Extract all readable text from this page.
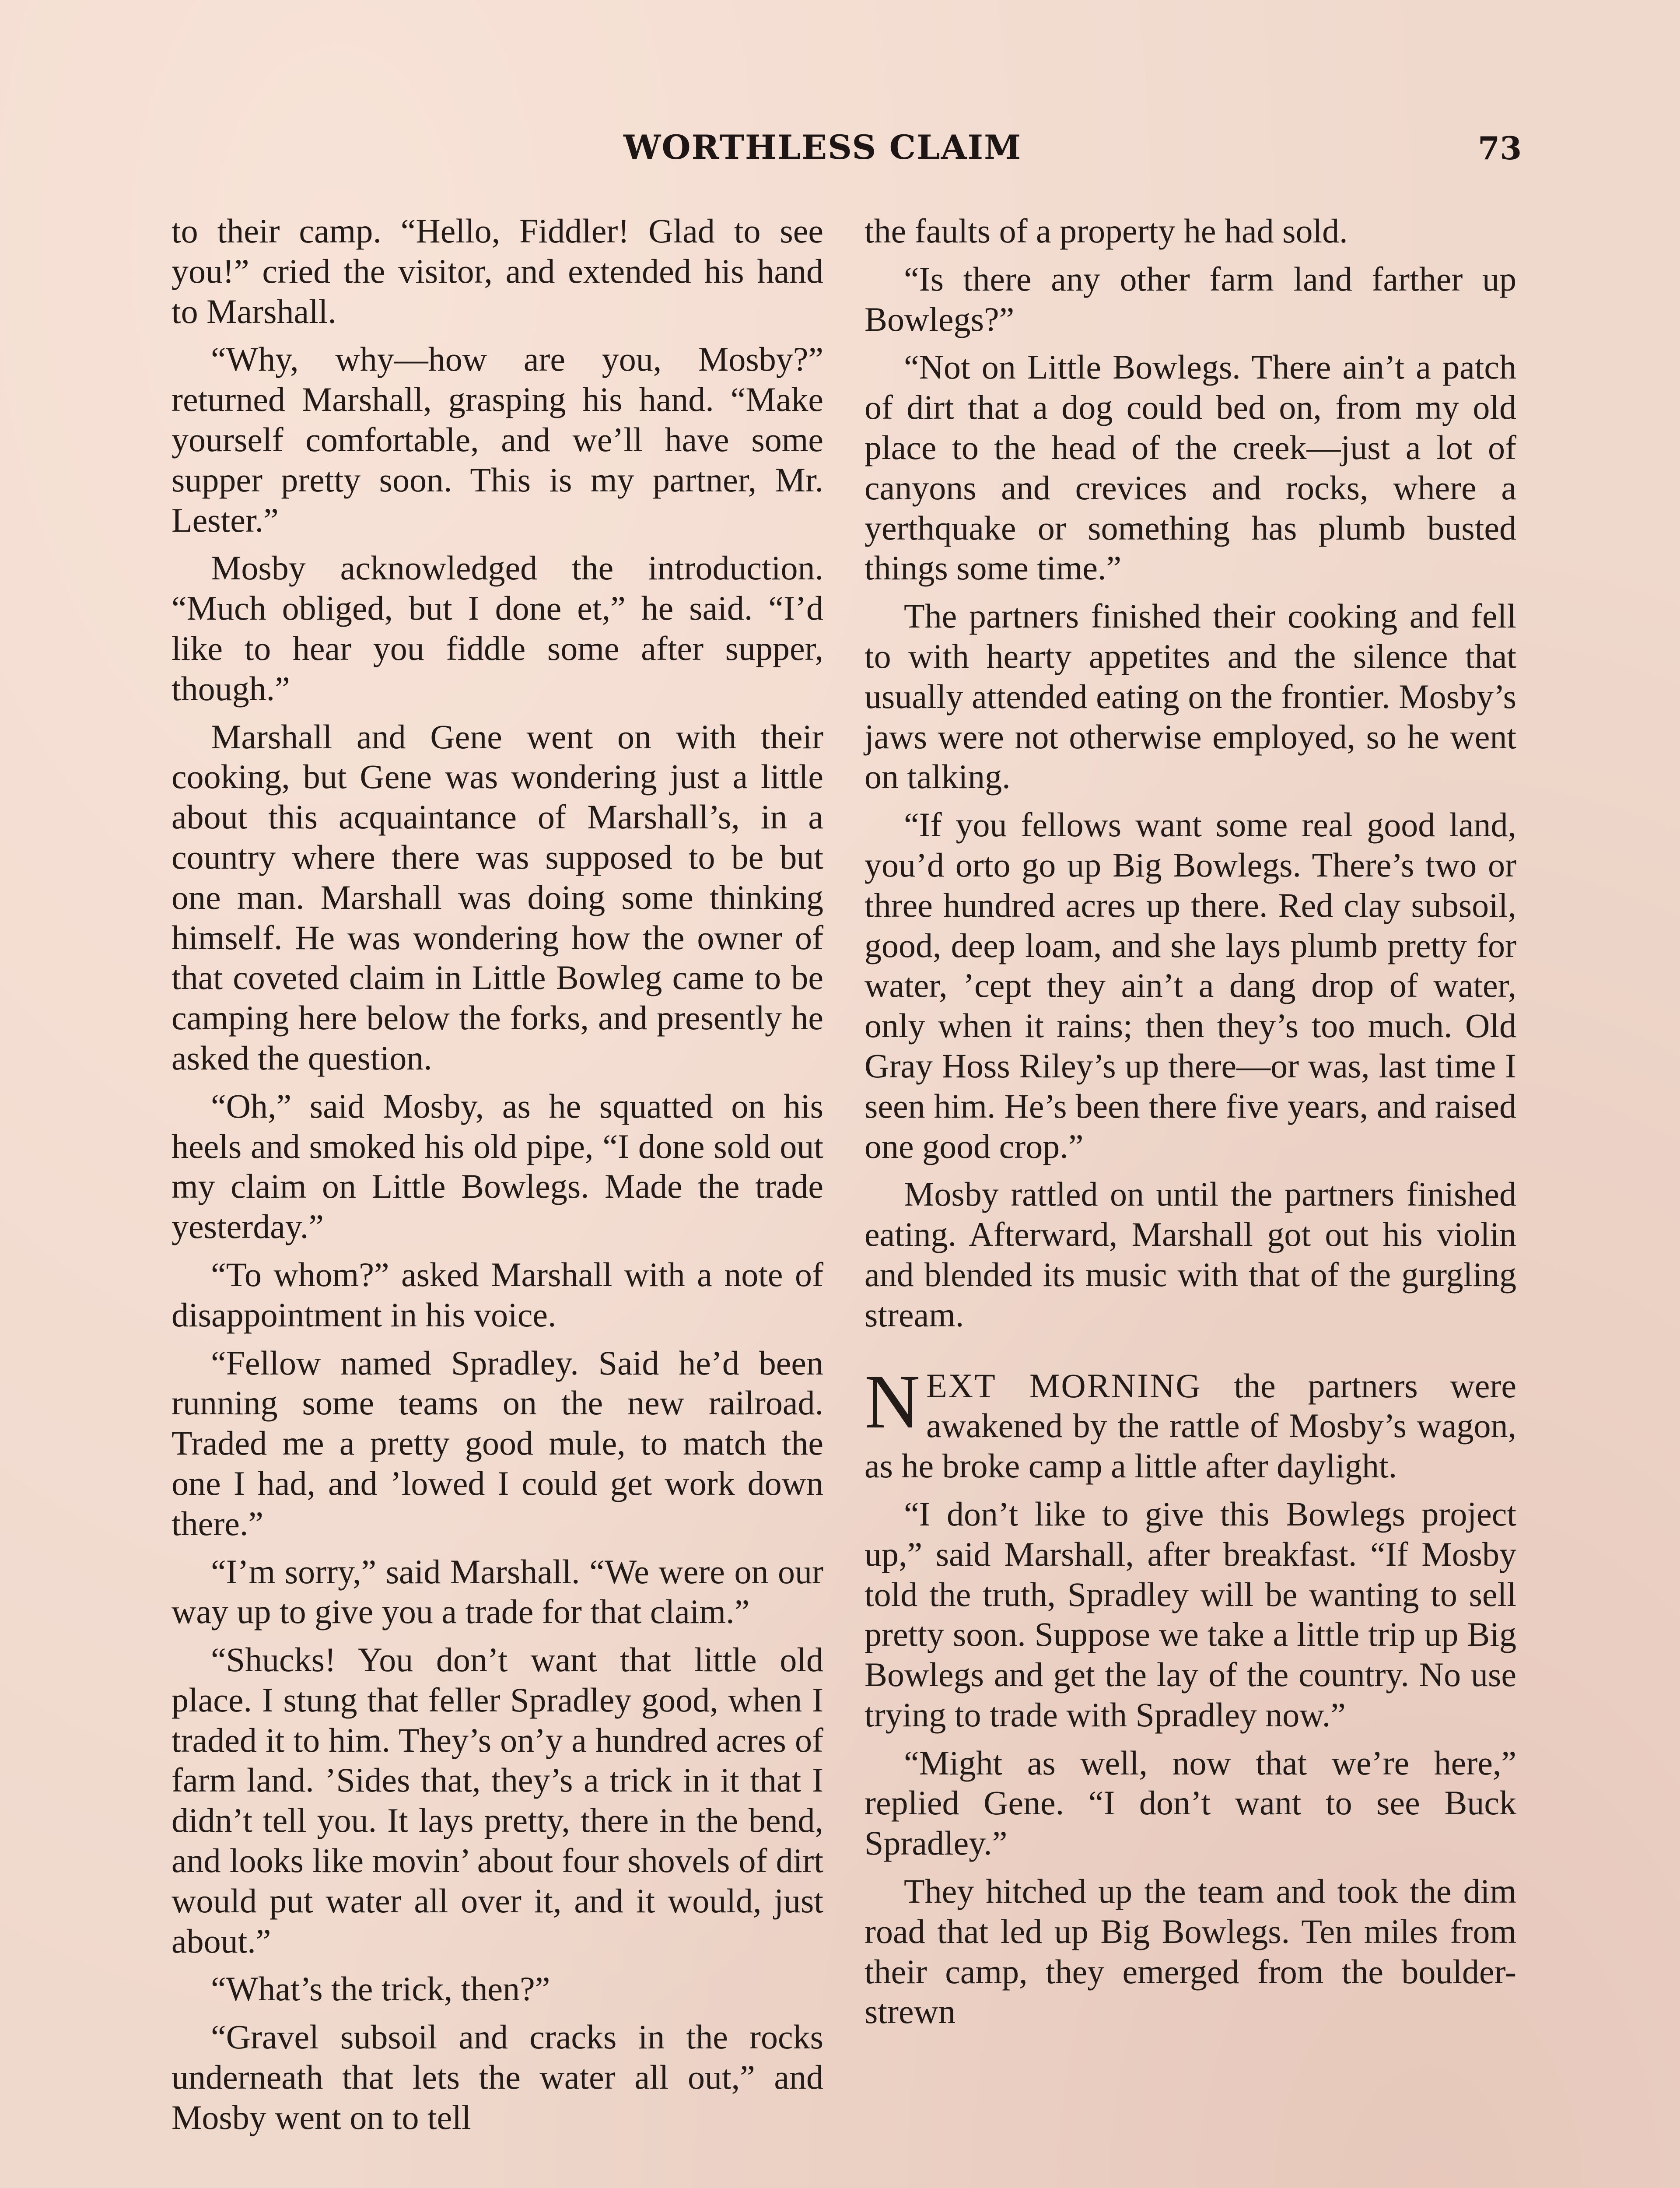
WORTHLESS CLAIM	73

to their camp. “Hello, Fiddler! Glad to see you!” cried the visitor, and extended his hand to Marshall.

“Why, why—how are you, Mosby?” returned Marshall, grasping his hand. “Make yourself comfortable, and we’ll have some supper pretty soon. This is my partner, Mr. Lester.”

Mosby acknowledged the introduction. “Much obliged, but I done et,” he said. “I’d like to hear you fiddle some after supper, though.”

Marshall and Gene went on with their cooking, but Gene was wondering just a little about this acquaintance of Marshall’s, in a country where there was supposed to be but one man. Marshall was doing some thinking himself. He was wondering how the owner of that coveted claim in Little Bowleg came to be camping here below the forks, and presently he asked the question.

“Oh,” said Mosby, as he squatted on his heels and smoked his old pipe, “I done sold out my claim on Little Bowlegs. Made the trade yesterday.”

“To whom?” asked Marshall with a note of disappointment in his voice.

“Fellow named Spradley. Said he’d been running some teams on the new railroad. Traded me a pretty good mule, to match the one I had, and ’lowed I could get work down there.”

“I’m sorry,” said Marshall. “We were on our way up to give you a trade for that claim.”

“Shucks! You don’t want that little old place. I stung that feller Spradley good, when I traded it to him. They’s on’y a hundred acres of farm land. ’Sides that, they’s a trick in it that I didn’t tell you. It lays pretty, there in the bend, and looks like movin’ about four shovels of dirt would put water all over it, and it would, just about.”

“What’s the trick, then?”

“Gravel subsoil and cracks in the rocks underneath that lets the water all out,” and Mosby went on to tell

the faults of a property he had sold.

“Is there any other farm land farther up Bowlegs?”

“Not on Little Bowlegs. There ain’t a patch of dirt that a dog could bed on, from my old place to the head of the creek—just a lot of canyons and crevices and rocks, where a yerthquake or something has plumb busted things some time.”

The partners finished their cooking and fell to with hearty appetites and the silence that usually attended eating on the frontier. Mosby’s jaws were not otherwise employed, so he went on talking.

“If you fellows want some real good land, you’d orto go up Big Bowlegs. There’s two or three hundred acres up there. Red clay subsoil, good, deep loam, and she lays plumb pretty for water, ’cept they ain’t a dang drop of water, only when it rains; then they’s too much. Old Gray Hoss Riley’s up there—or was, last time I seen him. He’s been there five years, and raised one good crop.”

Mosby rattled on until the partners finished eating. Afterward, Marshall got out his violin and blended its music with that of the gurgling stream.

NEXT MORNING the partners were awakened by the rattle of Mosby’s wagon, as he broke camp a little after daylight.

“I don’t like to give this Bowlegs project up,” said Marshall, after breakfast. “If Mosby told the truth, Spradley will be wanting to sell pretty soon. Suppose we take a little trip up Big Bowlegs and get the lay of the country. No use trying to trade with Spradley now.”

“Might as well, now that we’re here,” replied Gene. “I don’t want to see Buck Spradley.”

They hitched up the team and took the dim road that led up Big Bowlegs. Ten miles from their camp, they emerged from the boulder-strewn
